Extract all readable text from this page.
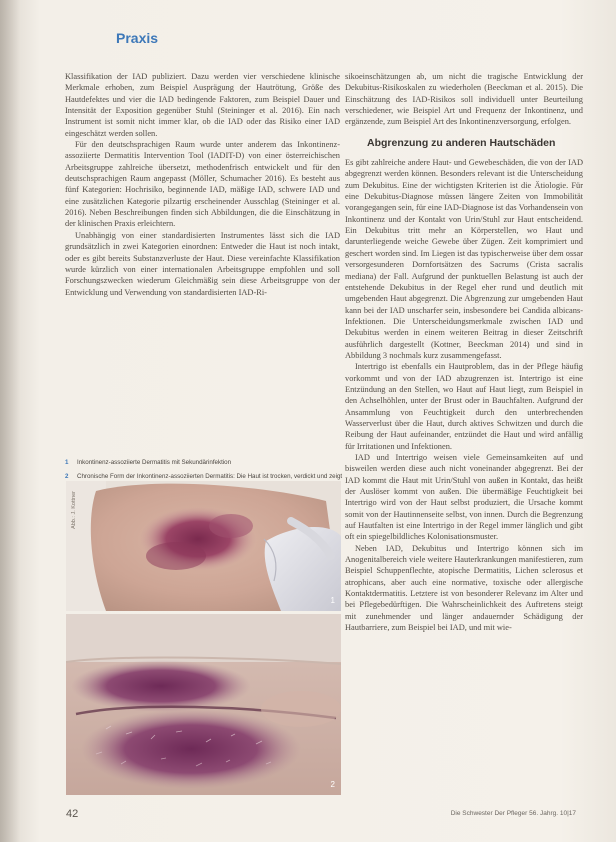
Praxis

Klassifikation der IAD publiziert. Dazu werden vier verschiedene klinische Merkmale erhoben, zum Beispiel Ausprägung der Hautrötung, Größe des Hautdefektes und vier die IAD bedingende Faktoren, zum Beispiel Dauer und Intensität der Exposition gegenüber Stuhl (Steininger et al. 2016). Ein nach Instrument ist somit nicht immer klar, ob die IAD oder das Risiko einer IAD eingeschätzt werden sollen.

Für den deutschsprachigen Raum wurde unter anderem das Inkontinenz-assoziierte Dermatitis Intervention Tool (IADIT-D) von einer österreichischen Arbeitsgruppe zahlreiche übersetzt, methodenfrisch entwickelt und für den deutschsprachigen Raum angepasst (Möller, Schumacher 2016). Es besteht aus fünf Kategorien: Hochrisiko, beginnende IAD, mäßige IAD, schwere IAD und eine zusätzlichen Kategorie pilzartig erscheinender Ausschlag (Steininger et al. 2016). Neben Beschreibungen finden sich Abbildungen, die die Einschätzung in der klinischen Praxis erleichtern.

Unabhängig von einer standardisierten Instrumentes lässt sich die IAD grundsätzlich in zwei Kategorien einordnen: Entweder die Haut ist noch intakt, oder es gibt bereits Substanzverluste der Haut. Diese vereinfachte Klassifikation wurde kürzlich von einer internationalen Arbeitsgruppe empfohlen und soll Forschungszwecken wiederum Gleichmäßig sein diese Arbeitsgruppe von der Entwicklung und Verwendung von standardisierten IAD-Ri-

sikoeinschätzungen ab, um nicht die tragische Entwicklung der Dekubitus-Risikoskalen zu wiederholen (Beeckman et al. 2015). Die Einschätzung des IAD-Risikos soll individuell unter Beurteilung verschiedener, wie Beispiel Art und Frequenz der Inkontinenz, und ergänzende, zum Beispiel Art des Inkontinenzversorgung, erfolgen.

Abgrenzung zu anderen Hautschäden

Es gibt zahlreiche andere Haut- und Gewebeschäden, die von der IAD abgegrenzt werden können. Besonders relevant ist die Unterscheidung zum Dekubitus. Eine der wichtigsten Kriterien ist die Ätiologie. Für eine Dekubitus-Diagnose müssen längere Zeiten von Immobilität vorangegangen sein, für eine IAD-Diagnose ist das Vorhandensein von Inkontinenz und der Kontakt von Urin/Stuhl zur Haut entscheidend. Ein Dekubitus tritt mehr an Körperstellen, wo Haut und darunterliegende weiche Gewebe über Zügen. Zeit komprimiert und geschert worden sind. Im Liegen ist das typischerweise über dem ossar versorgesunderen Dornfortsätzen des Sacrums (Crista sacralis mediana) der Fall. Aufgrund der punktuellen Belastung ist auch der entstehende Dekubitus in der Regel eher rund und deutlich mit umgebenden Haut abgegrenzt. Die Abgrenzung zur umgebenden Haut kann bei der IAD unscharfer sein, insbesondere bei Candida albicans-Infektionen. Die Unterscheidungsmerkmale zwischen IAD und Dekubitus werden in einem weiteren Beitrag in dieser Zeitschrift ausführlich dargestellt (Kottner, Beeckman 2014) und sind in Abbildung 3 nochmals kurz zusammengefasst.

Intertrigo ist ebenfalls ein Hautproblem, das in der Pflege häufig vorkommt und von der IAD abzugrenzen ist. Intertrigo ist eine Entzündung an den Stellen, wo Haut auf Haut liegt, zum Beispiel in den Achselhöhlen, unter der Brust oder in Bauchfalten. Aufgrund der Ansammlung von Feuchtigkeit durch den unterbrechenden Wasserverlust über die Haut, durch aktives Schwitzen und durch die Reibung der Haut aufeinander, entzündet die Haut und wird anfällig für Irritationen und Infektionen.

IAD und Intertrigo weisen viele Gemeinsamkeiten auf und bisweilen werden diese auch nicht voneinander abgegrenzt. Bei der IAD kommt die Haut mit Urin/Stuhl von außen in Kontakt, das heißt der Auslöser kommt von außen. Die übermäßige Feuchtigkeit bei Intertrigo wird von der Haut selbst produziert, die Ursache kommt somit von der Hautinnenseite selbst, von innen. Durch die Begrenzung auf Hautfalten ist eine Intertrigo in der Regel immer länglich und gibt oft ein spiegelbildliches Kolonisationsmuster.

Neben IAD, Dekubitus und Intertrigo können sich im Anogenitalbereich viele weitere Hauterkrankungen manifestieren, zum Beispiel Schuppenflechte, atopische Dermatitis, Lichen sclerosus et atrophicans, aber auch eine normative, toxische oder allergische Kontaktdermatitis. Letztere ist von besonderer Relevanz im Alter und bei Pflegebedürftigen. Die Wahrscheinlichkeit des Auftretens steigt mit zunehmender und länger andauernder Schädigung der Hautbarriere, zum Beispiel bei IAD, und mit wie-

1	Inkontinenz-assoziierte Dermatitis mit Sekundärinfektion
2	Chronische Form der Inkontinenz-assoziierten Dermatitis: Die Haut ist trocken, verdickt und zeigt
Abb.: J. Kottner
1
2
42	Die Schwester Der Pfleger 56. Jahrg. 10|17
